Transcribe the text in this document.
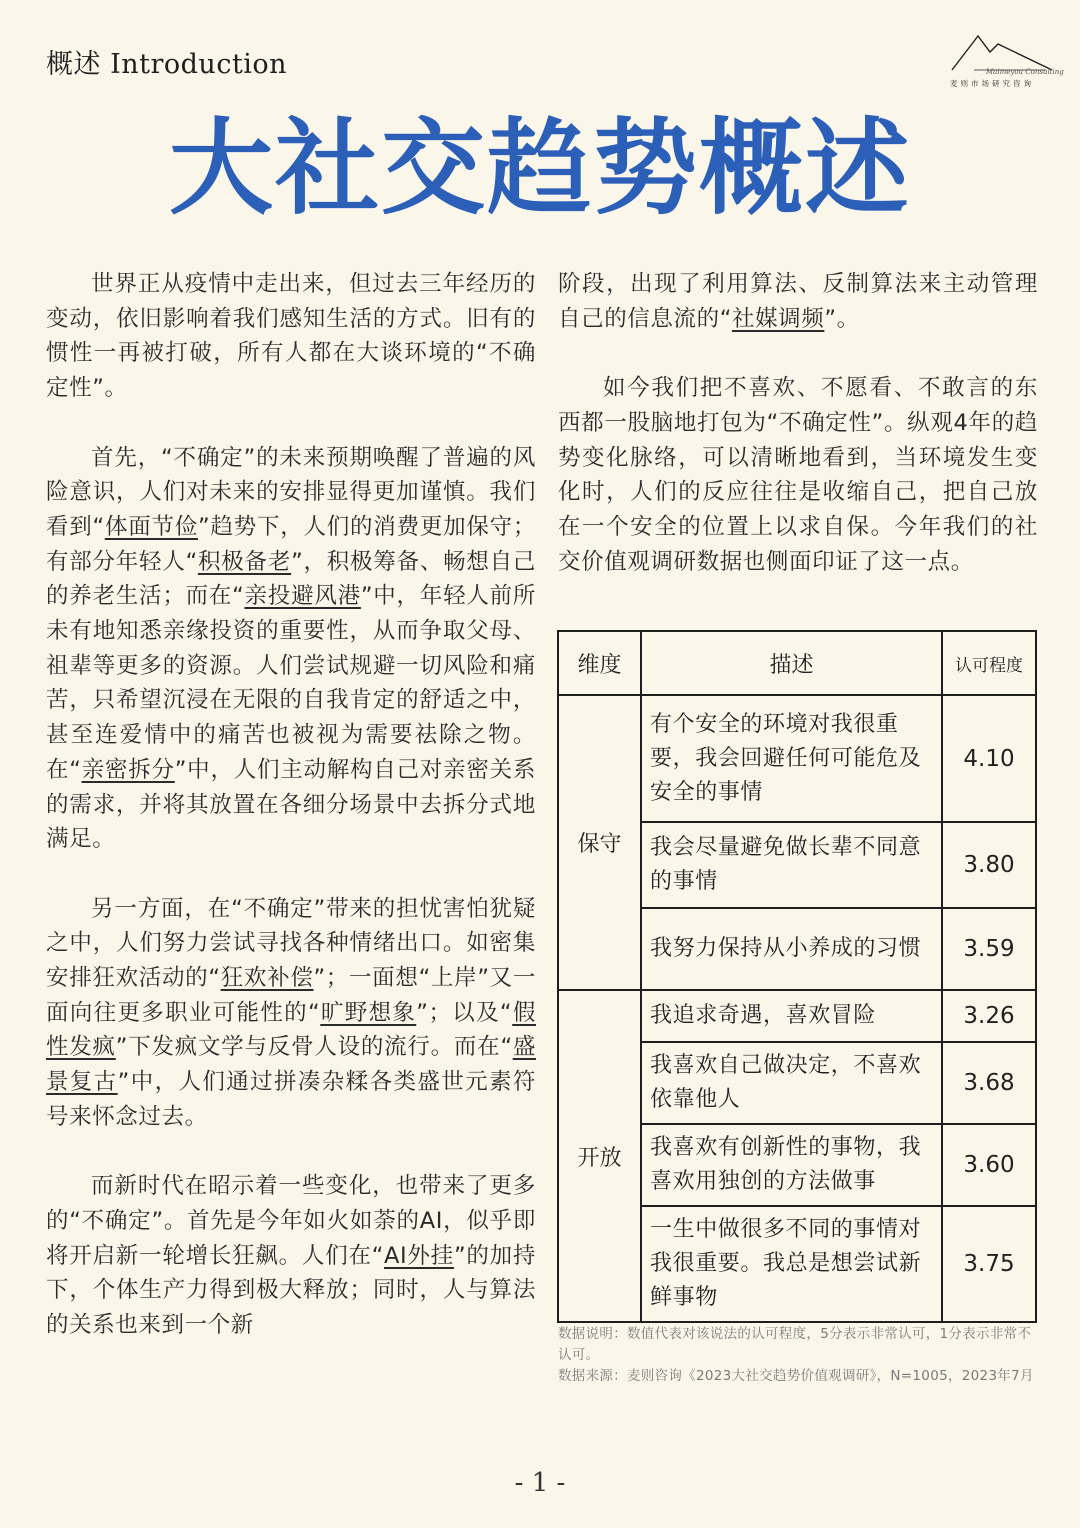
概述 Introduction	Maimeyou Consulting
麦则市场研究咨询
大社交趋势概述

世界正从疫情中走出来，但过去三年经历的变动，依旧影响着我们感知生活的方式。旧有的惯性一再被打破，所有人都在大谈环境的“不确定性”。

首先，“不确定”的未来预期唤醒了普遍的风险意识，人们对未来的安排显得更加谨慎。我们看到“体面节俭”趋势下，人们的消费更加保守；有部分年轻人“积极备老”，积极筹备、畅想自己的养老生活；而在“亲投避风港”中，年轻人前所未有地知悉亲缘投资的重要性，从而争取父母、祖辈等更多的资源。人们尝试规避一切风险和痛苦，只希望沉浸在无限的自我肯定的舒适之中，甚至连爱情中的痛苦也被视为需要祛除之物。在“亲密拆分”中，人们主动解构自己对亲密关系的需求，并将其放置在各细分场景中去拆分式地满足。

另一方面，在“不确定”带来的担忧害怕犹疑之中，人们努力尝试寻找各种情绪出口。如密集安排狂欢活动的“狂欢补偿”；一面想“上岸”又一面向往更多职业可能性的“旷野想象”；以及“假性发疯”下发疯文学与反骨人设的流行。而在“盛景复古”中，人们通过拼凑杂糅各类盛世元素符号来怀念过去。

而新时代在昭示着一些变化，也带来了更多的“不确定”。首先是今年如火如荼的AI，似乎即将开启新一轮增长狂飙。人们在“AI外挂”的加持下，个体生产力得到极大释放；同时，人与算法的关系也来到一个新

阶段，出现了利用算法、反制算法来主动管理自己的信息流的“社媒调频”。

如今我们把不喜欢、不愿看、不敢言的东西都一股脑地打包为“不确定性”。纵观4年的趋势变化脉络，可以清晰地看到，当环境发生变化时，人们的反应往往是收缩自己，把自己放在一个安全的位置上以求自保。今年我们的社交价值观调研数据也侧面印证了这一点。

维度	描述	认可程度
保守	有个安全的环境对我很重要，我会回避任何可能危及安全的事情	4.10
	我会尽量避免做长辈不同意的事情	3.80
	我努力保持从小养成的习惯	3.59
开放	我追求奇遇，喜欢冒险	3.26
	我喜欢自己做决定，不喜欢依靠他人	3.68
	我喜欢有创新性的事物，我喜欢用独创的方法做事	3.60
	一生中做很多不同的事情对我很重要。我总是想尝试新鲜事物	3.75
数据说明：数值代表对该说法的认可程度，5分表示非常认可，1分表示非常不认可。
数据来源：麦则咨询《2023大社交趋势价值观调研》，N=1005，2023年7月
- 1 -
